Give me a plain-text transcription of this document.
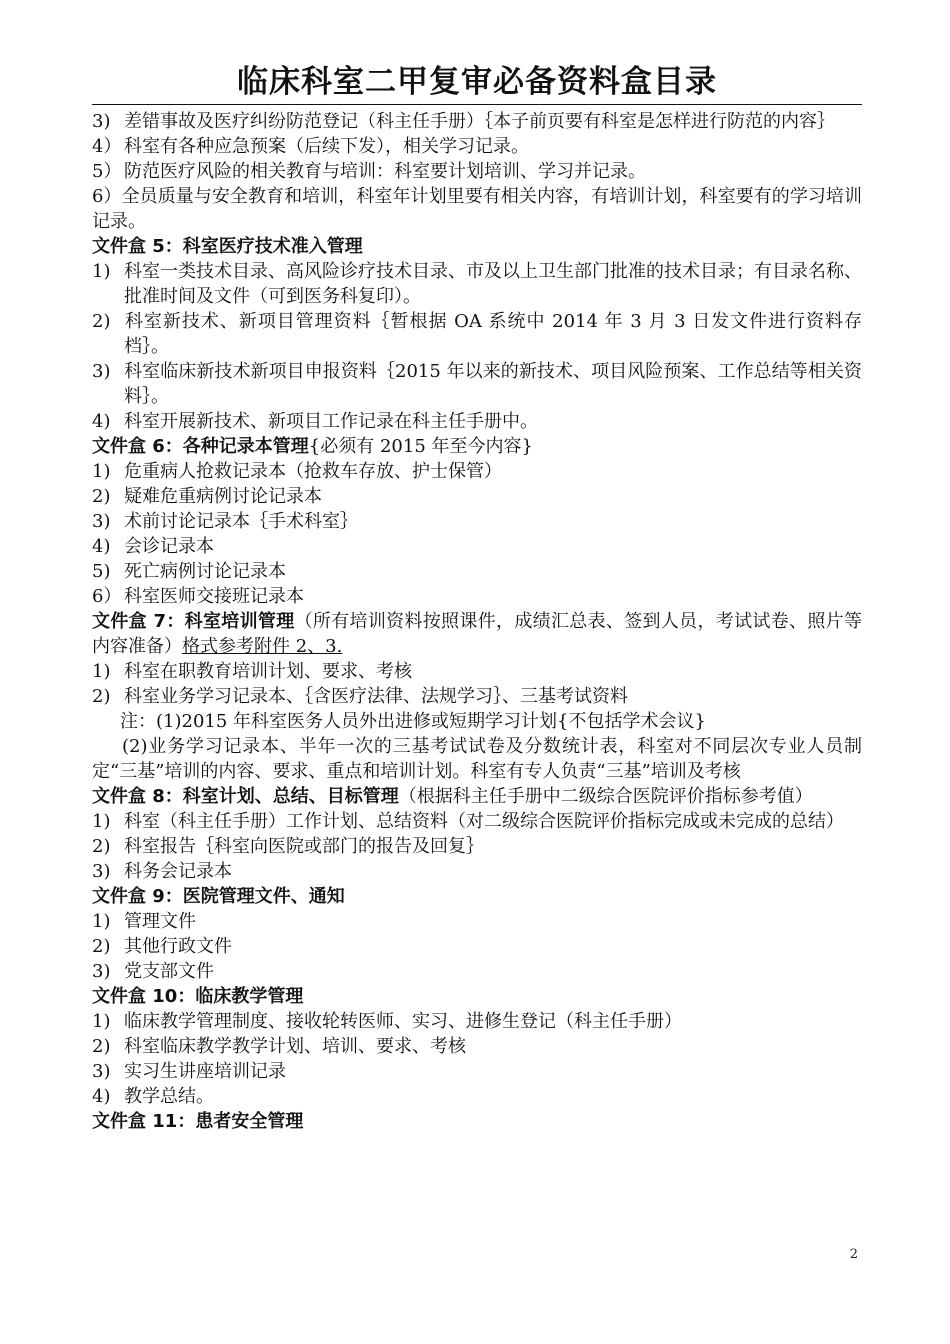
临床科室二甲复审必备资料盒目录

3) 差错事故及医疗纠纷防范登记（科主任手册）｛本子前页要有科室是怎样进行防范的内容｝

4） 科室有各种应急预案（后续下发），相关学习记录。

5） 防范医疗风险的相关教育与培训：科室要计划培训、学习并记录。

6）全员质量与安全教育和培训，科室年计划里要有相关内容，有培训计划，科室要有的学习培训记录。

文件盒 5：科室医疗技术准入管理

1) 科室一类技术目录、高风险诊疗技术目录、市及以上卫生部门批准的技术目录；有目录名称、批准时间及文件（可到医务科复印）。

2) 科室新技术、新项目管理资料｛暂根据 OA 系统中 2014 年 3 月 3 日发文件进行资料存档｝。

3) 科室临床新技术新项目申报资料｛2015 年以来的新技术、项目风险预案、工作总结等相关资料｝。

4) 科室开展新技术、新项目工作记录在科主任手册中。

文件盒 6：各种记录本管理{必须有 2015 年至今内容}

1) 危重病人抢救记录本（抢救车存放、护士保管）

2) 疑难危重病例讨论记录本

3) 术前讨论记录本｛手术科室｝

4) 会诊记录本

5) 死亡病例讨论记录本

6） 科室医师交接班记录本

文件盒 7：科室培训管理（所有培训资料按照课件，成绩汇总表、签到人员，考试试卷、照片等内容准备）格式参考附件 2、3.

1) 科室在职教育培训计划、要求、考核

2) 科室业务学习记录本、｛含医疗法律、法规学习｝、三基考试资料

注：(1)2015 年科室医务人员外出进修或短期学习计划{不包括学术会议}

(2)业务学习记录本、半年一次的三基考试试卷及分数统计表，科室对不同层次专业人员制定“三基”培训的内容、要求、重点和培训计划。科室有专人负责“三基”培训及考核

文件盒 8：科室计划、总结、目标管理（根据科主任手册中二级综合医院评价指标参考值）

1) 科室（科主任手册）工作计划、总结资料（对二级综合医院评价指标完成或未完成的总结）

2) 科室报告｛科室向医院或部门的报告及回复｝

3) 科务会记录本

文件盒 9：医院管理文件、通知

1) 管理文件

2) 其他行政文件

3) 党支部文件

文件盒 10：临床教学管理

1) 临床教学管理制度、接收轮转医师、实习、进修生登记（科主任手册）

2) 科室临床教学教学计划、培训、要求、考核

3) 实习生讲座培训记录

4) 教学总结。

文件盒 11：患者安全管理

2
